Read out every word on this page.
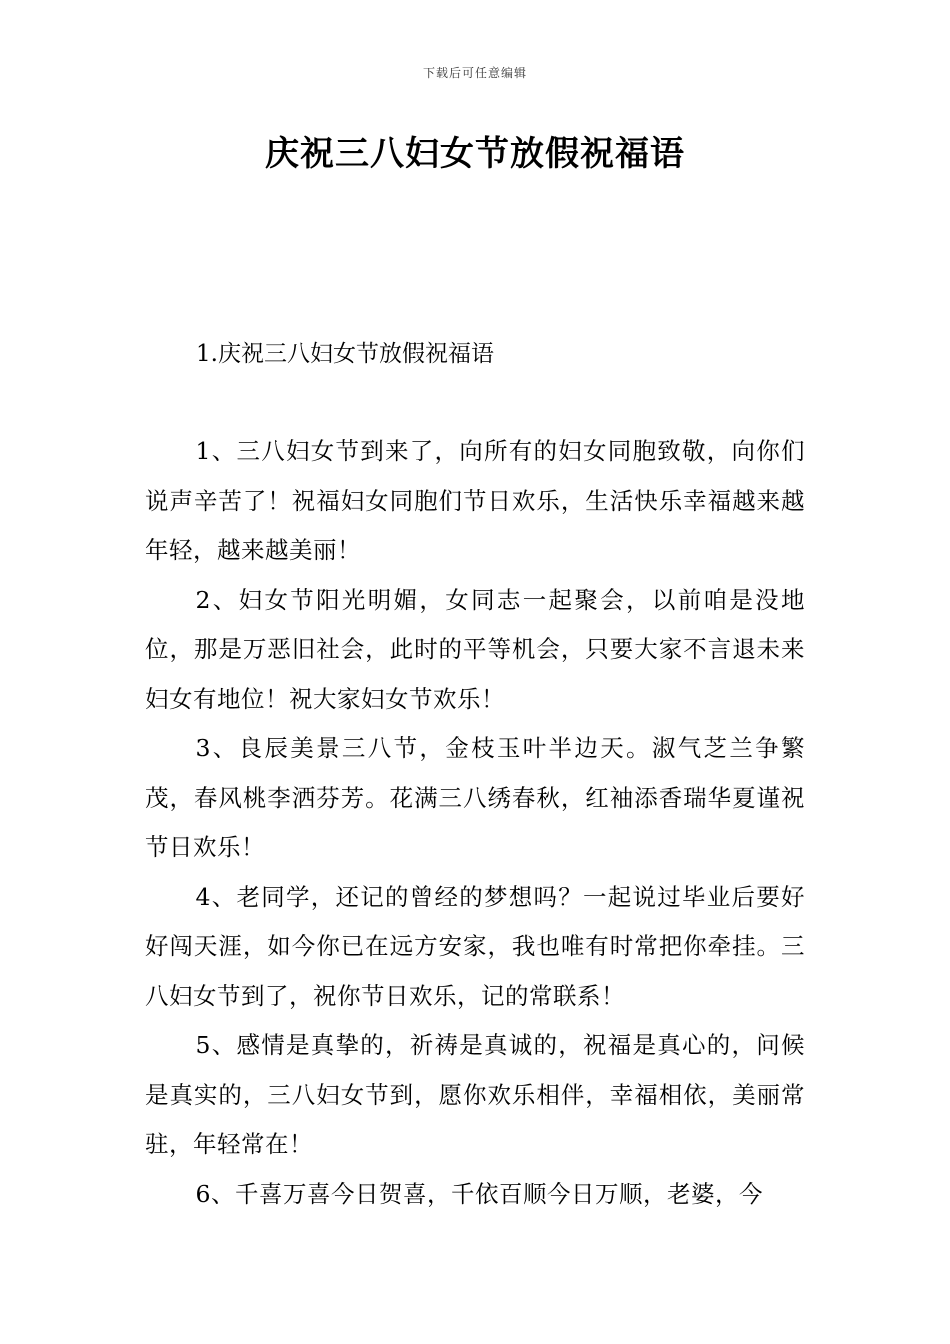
下载后可任意编辑
庆祝三八妇女节放假祝福语
1.庆祝三八妇女节放假祝福语

1、三八妇女节到来了，向所有的妇女同胞致敬，向你们说声辛苦了！祝福妇女同胞们节日欢乐，生活快乐幸福越来越年轻，越来越美丽！

2、妇女节阳光明媚，女同志一起聚会，以前咱是没地位，那是万恶旧社会，此时的平等机会，只要大家不言退未来妇女有地位！祝大家妇女节欢乐！

3、良辰美景三八节，金枝玉叶半边天。淑气芝兰争繁茂，春风桃李洒芬芳。花满三八绣春秋，红袖添香瑞华夏谨祝节日欢乐！

4、老同学，还记的曾经的梦想吗？一起说过毕业后要好好闯天涯，如今你已在远方安家，我也唯有时常把你牵挂。三八妇女节到了，祝你节日欢乐，记的常联系！

5、感情是真挚的，祈祷是真诚的，祝福是真心的，问候是真实的，三八妇女节到，愿你欢乐相伴，幸福相依，美丽常驻，年轻常在！

6、千喜万喜今日贺喜，千依百顺今日万顺，老婆，今
